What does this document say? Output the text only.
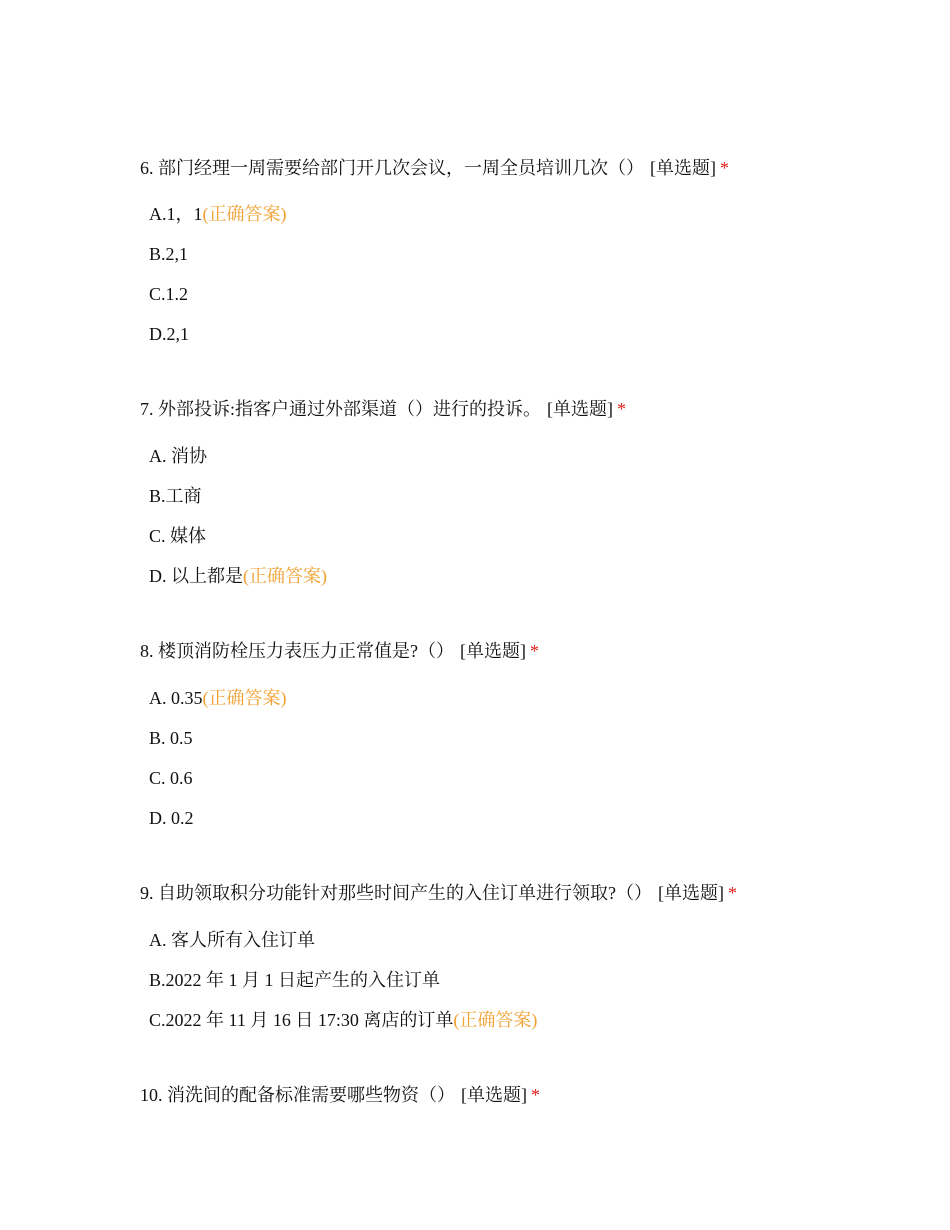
6. 部门经理一周需要给部门开几次会议，一周全员培训几次（） [单选题] *
A.1，1(正确答案)
B.2,1
C.1.2
D.2,1
7. 外部投诉:指客户通过外部渠道（）进行的投诉。 [单选题] *
A. 消协
B.工商
C. 媒体
D. 以上都是(正确答案)
8. 楼顶消防栓压力表压力正常值是?（） [单选题] *
A. 0.35(正确答案)
B. 0.5
C. 0.6
D. 0.2
9. 自助领取积分功能针对那些时间产生的入住订单进行领取?（） [单选题] *
A. 客人所有入住订单
B.2022 年 1 月 1 日起产生的入住订单
C.2022 年 11 月 16 日 17:30 离店的订单(正确答案)
10. 消洗间的配备标准需要哪些物资（） [单选题] *
